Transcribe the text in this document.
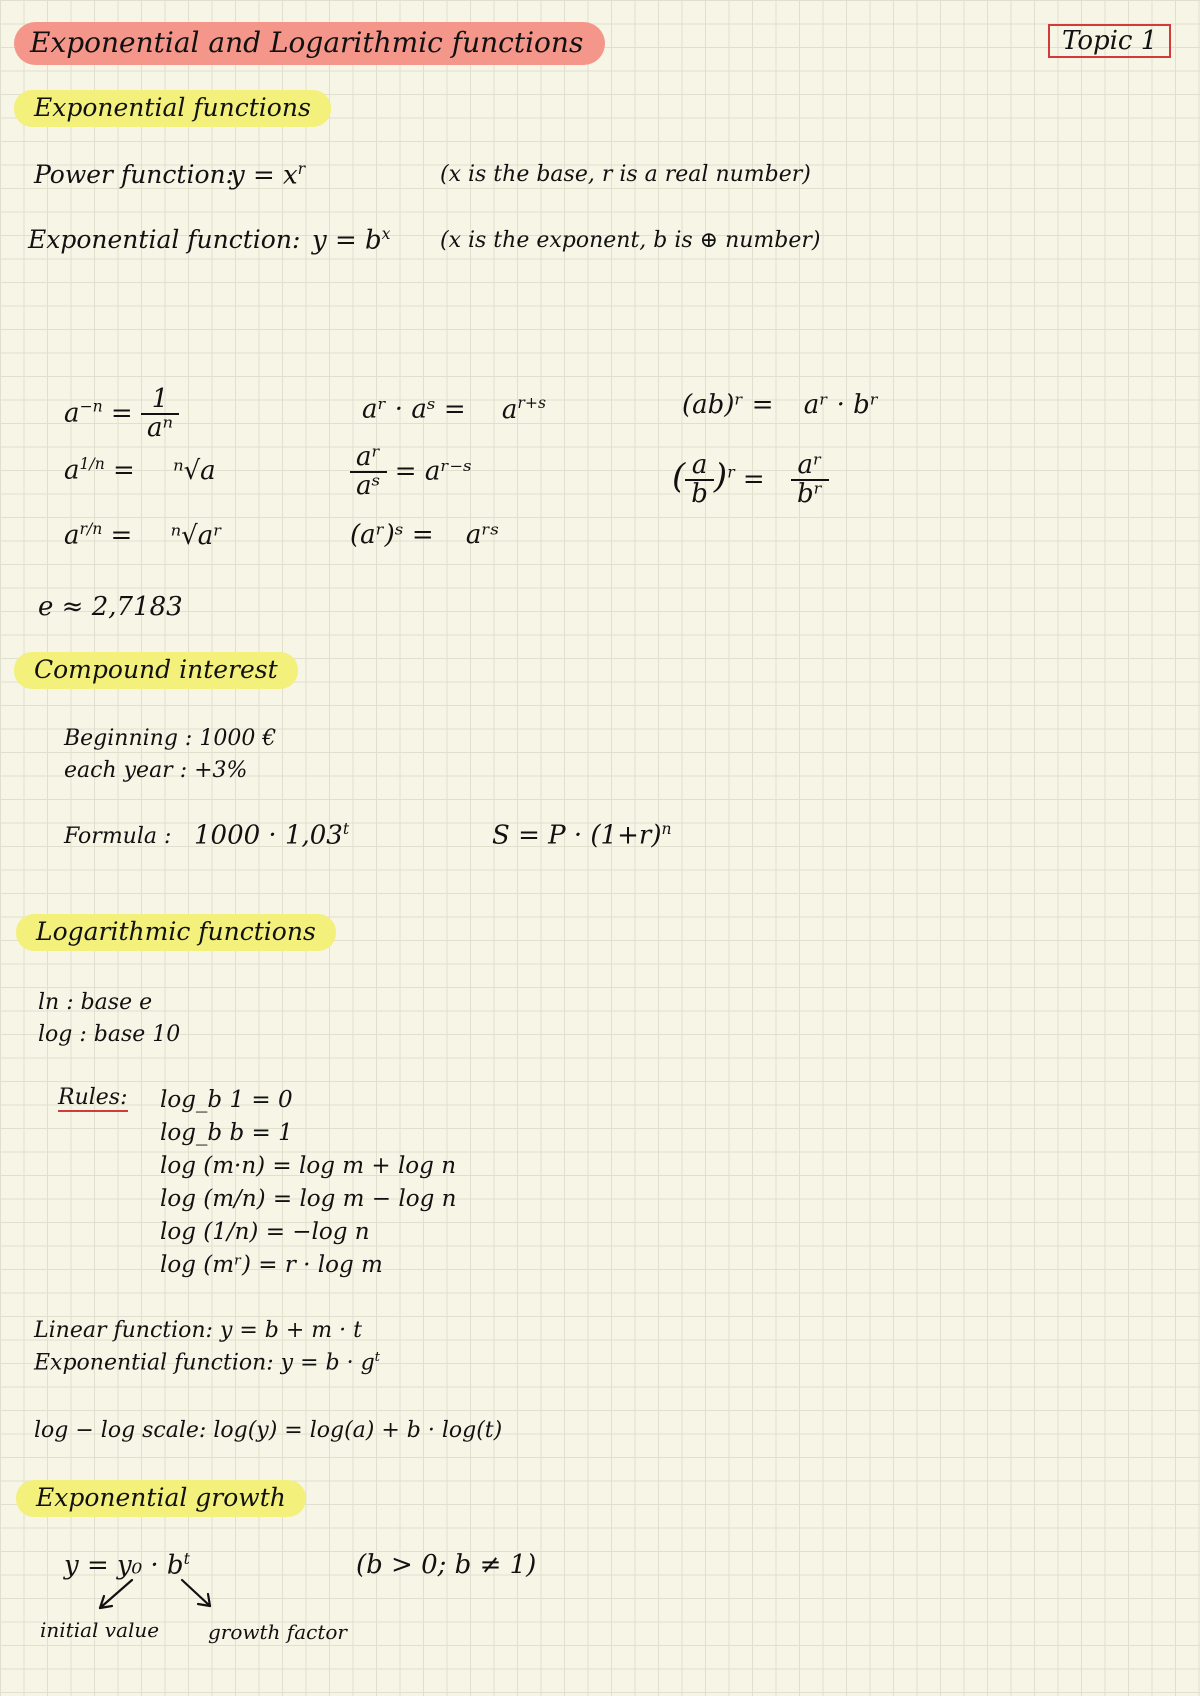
Exponential and Logarithmic functions	Topic 1
Exponential functions
Power function:
$y = x^r$	(x is the base, r is a real number)
Exponential function: $y = b^x$ (x is the exponent, b is ⊕ number)
$a^{-n} = \frac{1}{\text{aⁿ}}$
$a^{1/n} = ^n√a$
$a^{r/n}$ = ⁿ√aʳ
aʳ · aˢ = $a^{r+s}$
$\frac{\text{aʳ}}{\text{aˢ}}$ = aʳ⁻ˢ
(aʳ)ˢ = aʳˢ
(ab)ʳ = aʳ · bʳ
( $\frac{a}{b} )^r = \frac{\text{aʳ}}{\text{bʳ}}$
e ≈ 2,7183
Compound interest
Beginning : 1000 €
each year : +3%
Formula : $1000 \cdot 1,03^t$	$S = P \cdot (1+r)^n$
Logarithmic functions
ln : base e
log : base 10
Rules: log_b 1 = 0
log_b b = 1
log (m·n) = log m + log n
log (m/n) = log m − log n
log (1/n) = −log n
log (mʳ) = r · log m
Linear function: y = b + m · t
Exponential function: $y = b \cdot g^t$
log − log scale: log(y) = log(a) + b · log(t)
Exponential growth
$y = y_0 \cdot b^t$	(b > 0; b ≠ 1)
initial value growth factor
